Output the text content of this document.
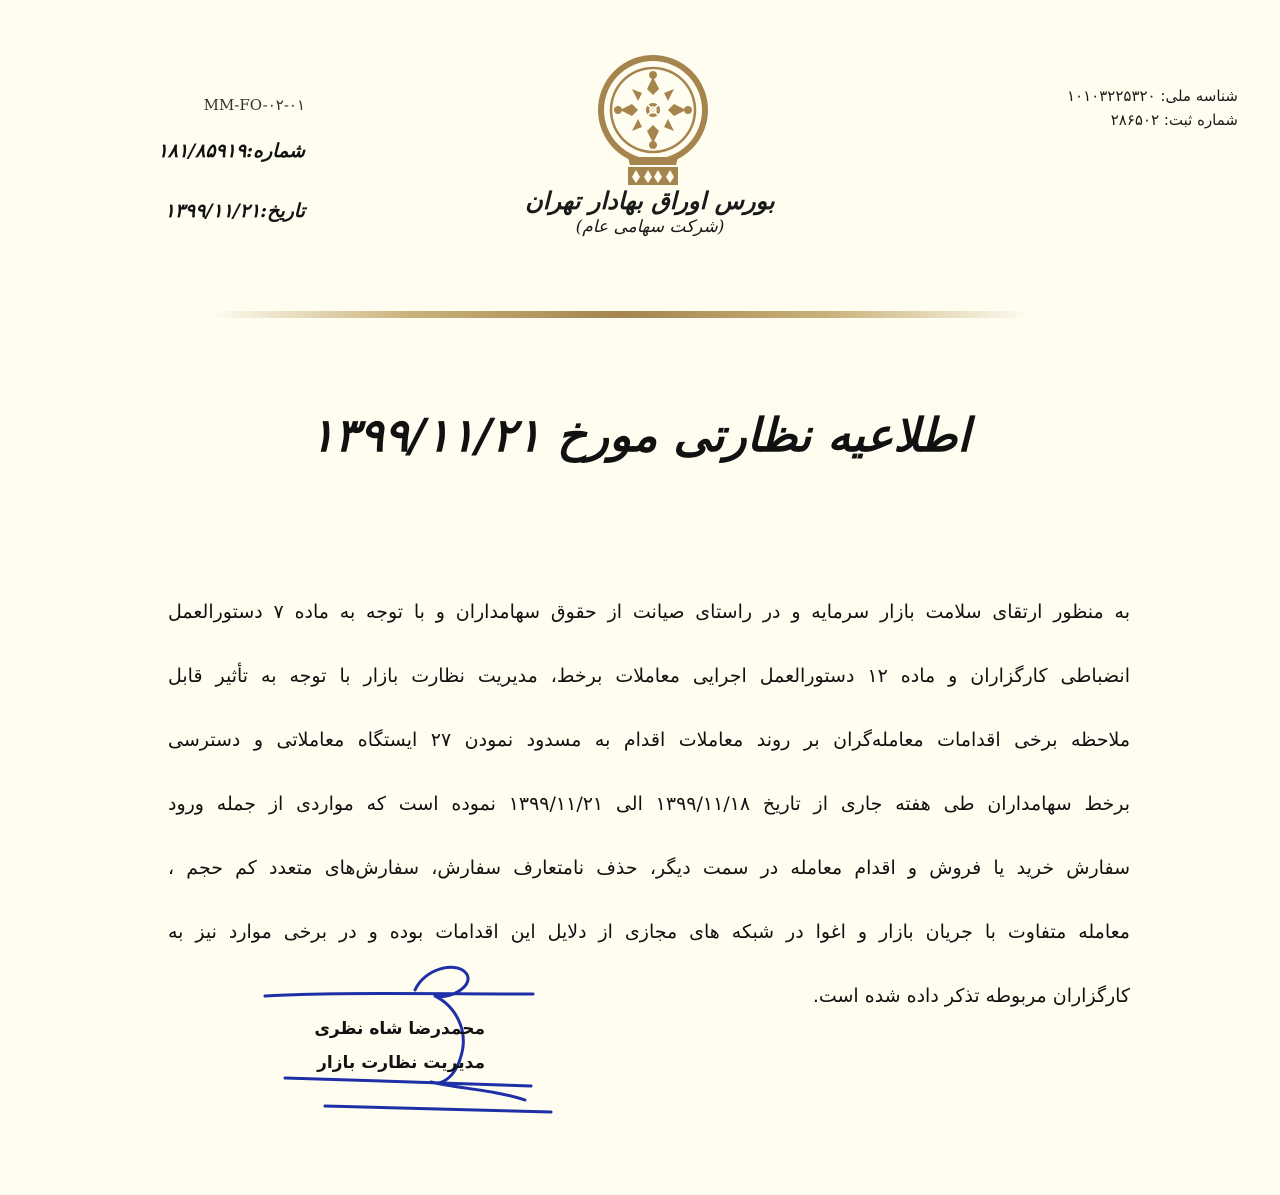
شناسه ملی: ۱۰۱۰۳۲۲۵۳۲۰
شماره ثبت: ۲۸۶۵۰۲
MM-FO-۰۲-۰۱
شماره:۱۸۱/۸۵۹۱۹
تاریخ:۱۳۹۹/۱۱/۲۱	بورس اوراق بهادار تهران
(شرکت سهامی عام)
اطلاعیه نظارتی مورخ ۱۳۹۹/۱۱/۲۱
به منظور ارتقای سلامت بازار سرمایه و در راستای صیانت از حقوق سهامداران و با توجه به ماده ۷ دستورالعمل
انضباطی کارگزاران و ماده ۱۲ دستورالعمل اجرایی معاملات برخط، مدیریت نظارت بازار با توجه به تأثیر قابل
ملاحظه برخی اقدامات معامله‌گران بر روند معاملات اقدام به مسدود نمودن ۲۷ ایستگاه معاملاتی و دسترسی
برخط سهامداران طی هفته جاری از تاریخ ۱۳۹۹/۱۱/۱۸ الی ۱۳۹۹/۱۱/۲۱ نموده است که مواردی از جمله ورود
سفارش خرید یا فروش و اقدام معامله در سمت دیگر، حذف نامتعارف سفارش، سفارش‌های متعدد کم حجم ،
معامله متفاوت با جریان بازار و اغوا در شبکه های مجازی از دلایل این اقدامات بوده و در برخی موارد نیز به
کارگزاران مربوطه تذکر داده شده است.
محمدرضا شاه نظری
مدیریت نظارت بازار
